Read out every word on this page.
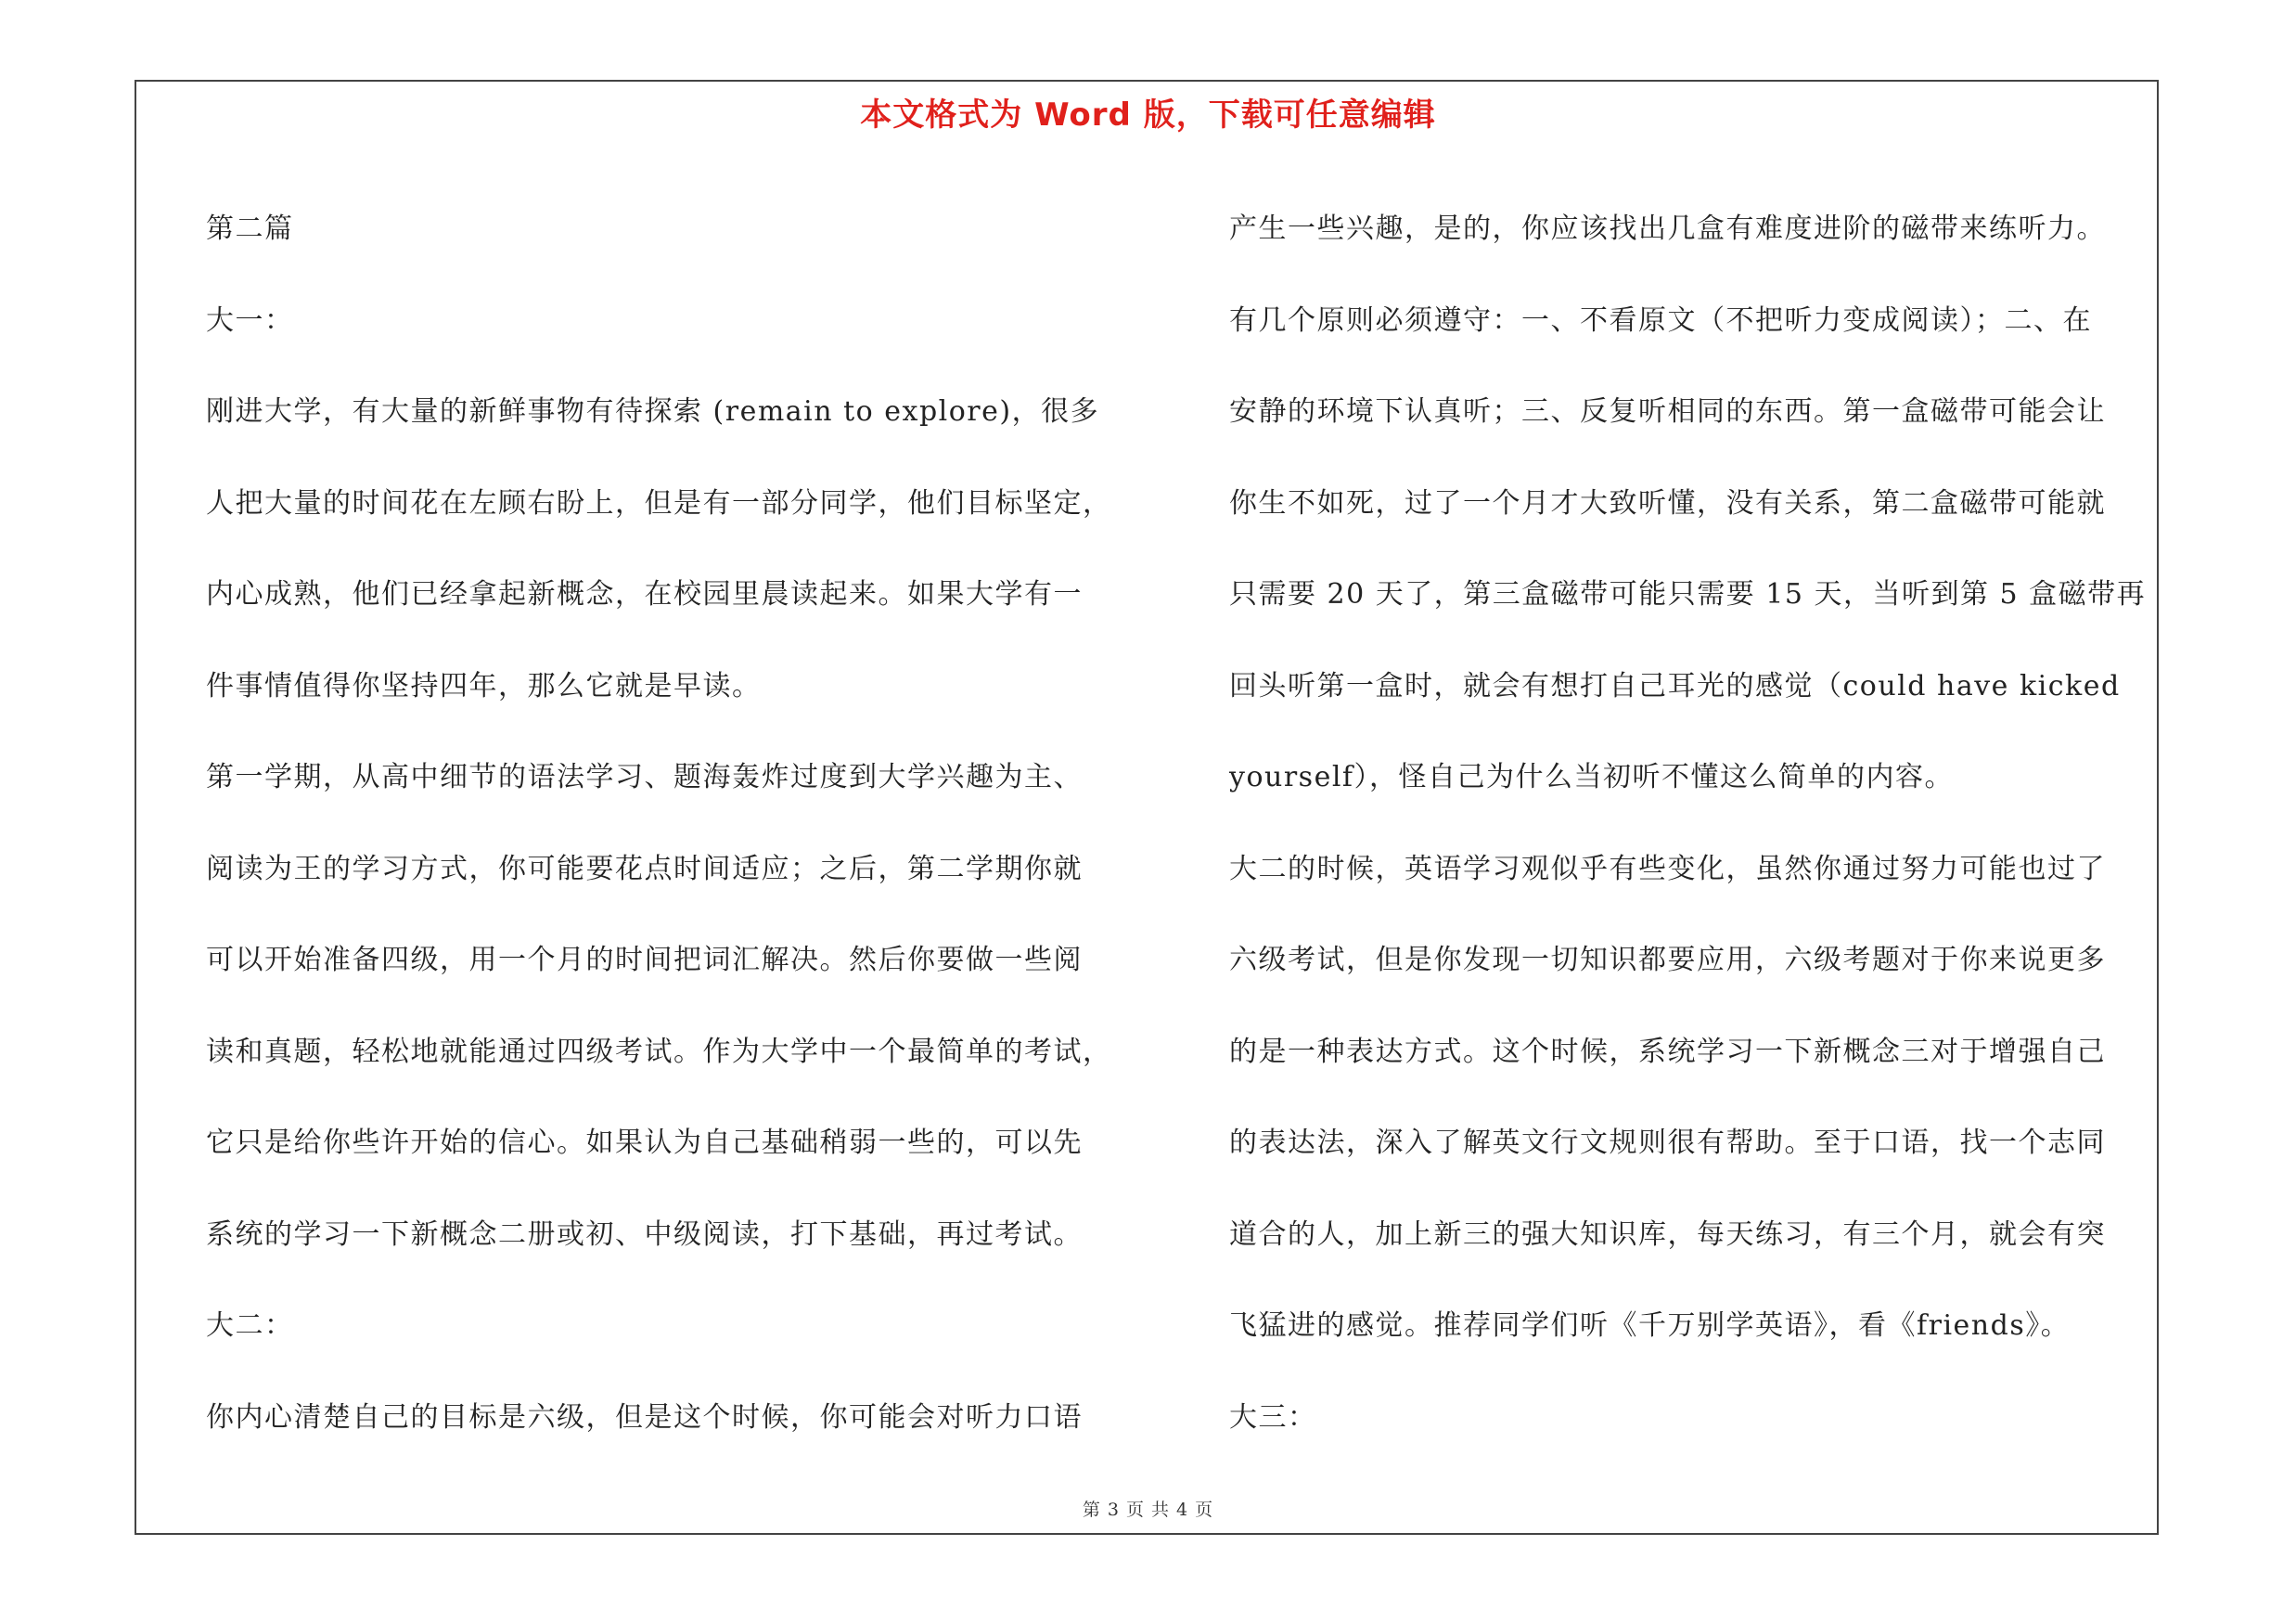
本文格式为 Word 版，下载可任意编辑
第二篇
大一：
刚进大学，有大量的新鲜事物有待探索 (remain to explore)，很多
人把大量的时间花在左顾右盼上，但是有一部分同学，他们目标坚定，
内心成熟，他们已经拿起新概念，在校园里晨读起来。如果大学有一
件事情值得你坚持四年，那么它就是早读。
第一学期，从高中细节的语法学习、题海轰炸过度到大学兴趣为主、
阅读为王的学习方式，你可能要花点时间适应；之后，第二学期你就
可以开始准备四级，用一个月的时间把词汇解决。然后你要做一些阅
读和真题，轻松地就能通过四级考试。作为大学中一个最简单的考试，
它只是给你些许开始的信心。如果认为自己基础稍弱一些的，可以先
系统的学习一下新概念二册或初、中级阅读，打下基础，再过考试。
大二：
你内心清楚自己的目标是六级，但是这个时候，你可能会对听力口语
产生一些兴趣，是的，你应该找出几盒有难度进阶的磁带来练听力。
有几个原则必须遵守：一、不看原文（不把听力变成阅读）；二、在
安静的环境下认真听；三、反复听相同的东西。第一盒磁带可能会让
你生不如死，过了一个月才大致听懂，没有关系，第二盒磁带可能就
只需要 20 天了，第三盒磁带可能只需要 15 天，当听到第 5 盒磁带再
回头听第一盒时，就会有想打自己耳光的感觉（could have kicked
yourself），怪自己为什么当初听不懂这么简单的内容。
大二的时候，英语学习观似乎有些变化，虽然你通过努力可能也过了
六级考试，但是你发现一切知识都要应用，六级考题对于你来说更多
的是一种表达方式。这个时候，系统学习一下新概念三对于增强自己
的表达法，深入了解英文行文规则很有帮助。至于口语，找一个志同
道合的人，加上新三的强大知识库，每天练习，有三个月，就会有突
飞猛进的感觉。推荐同学们听《千万别学英语》，看《friends》。
大三：
第 3 页 共 4 页
